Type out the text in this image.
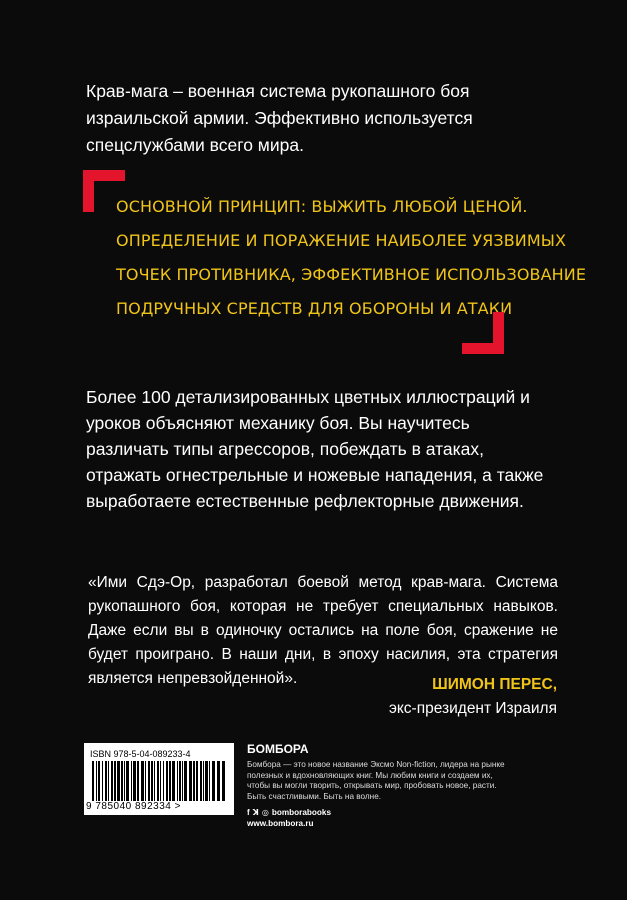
Крав-мага – военная система рукопашного боя израильской армии. Эффективно используется спецслужбами всего мира.

ОСНОВНОЙ ПРИНЦИП: ВЫЖИТЬ ЛЮБОЙ ЦЕНОЙ.
ОПРЕДЕЛЕНИЕ И ПОРАЖЕНИЕ НАИБОЛЕЕ УЯЗВИМЫХ
ТОЧЕК ПРОТИВНИКА, ЭФФЕКТИВНОЕ ИСПОЛЬЗОВАНИЕ
ПОДРУЧНЫХ СРЕДСТВ ДЛЯ ОБОРОНЫ И АТАКИ

Более 100 детализированных цветных иллюстраций и уроков объясняют механику боя. Вы научитесь различать типы агрессоров, побеждать в атаках, отражать огнестрельные и ножевые нападения, а также выработаете естественные рефлекторные движения.

«Ими Сдэ-Ор, разработал боевой метод крав-мага. Система рукопашного боя, которая не требует специальных навыков. Даже если вы в одиночку остались на поле боя, сражение не будет проиграно. В наши дни, в эпоху насилия, эта стратегия является непревзойденной».	ШИМОН ПЕРЕС,
экс-президент Израиля
ISBN 978-5-04-089233-4
9 785040 892334 >
БОМБОРА

Бомбора — это новое название Эксмо Non-fiction, лидера на рынке полезных и вдохновляющих книг. Мы любим книги и создаем их, чтобы вы могли творить, открывать мир, пробовать новое, расти. Быть счастливыми. Быть на волне.

f ꓘ ◎ bomborabooks
www.bombora.ru
